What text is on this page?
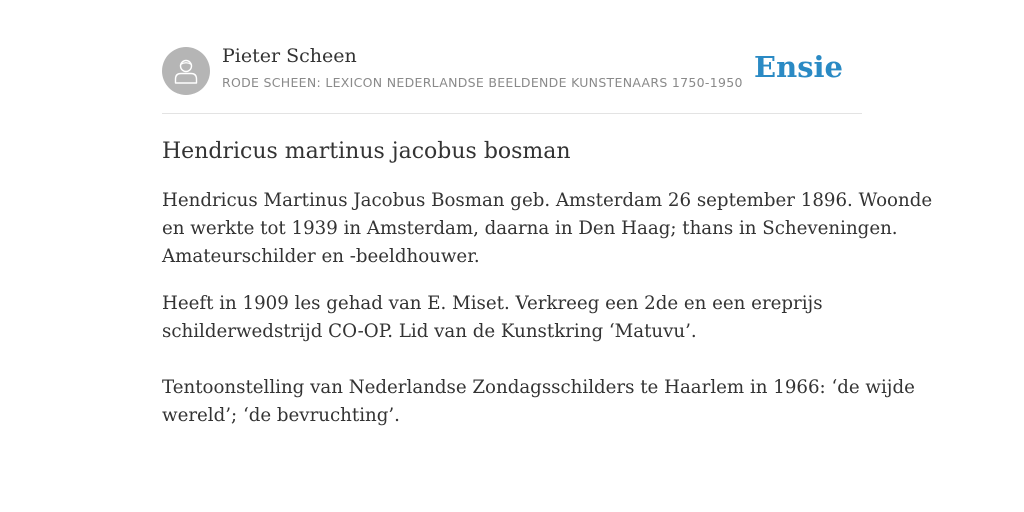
Pieter Scheen
RODE SCHEEN: LEXICON NEDERLANDSE BEELDENDE KUNSTENAARS 1750-1950 Ensie
Hendricus martinus jacobus bosman

Hendricus Martinus Jacobus Bosman geb. Amsterdam 26 september 1896. Woonde
en werkte tot 1939 in Amsterdam, daarna in Den Haag; thans in Scheveningen.
Amateurschilder en -beeldhouwer.

Heeft in 1909 les gehad van E. Miset. Verkreeg een 2de en een ereprijs
schilderwedstrijd CO-OP. Lid van de Kunstkring ‘Matuvu’.

Tentoonstelling van Nederlandse Zondagsschilders te Haarlem in 1966: ‘de wijde
wereld’; ‘de bevruchting’.
